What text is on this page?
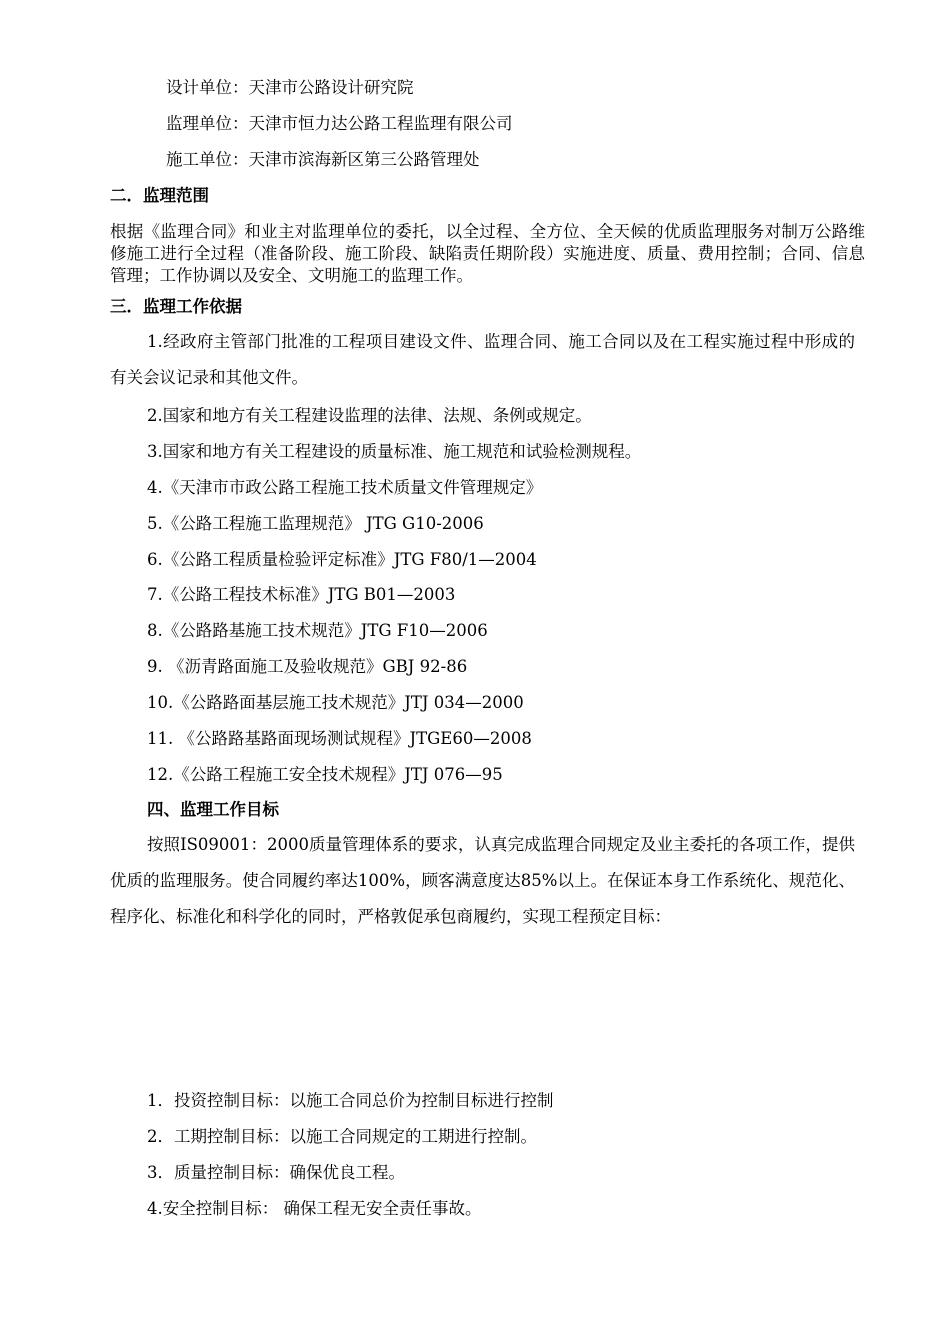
设计单位：天津市公路设计研究院
监理单位：天津市恒力达公路工程监理有限公司
施工单位：天津市滨海新区第三公路管理处
二．监理范围
根据《监理合同》和业主对监理单位的委托，以全过程、全方位、全天候的优质监理服务对制万公路维修施工进行全过程（准备阶段、施工阶段、缺陷责任期阶段）实施进度、质量、费用控制；合同、信息管理；工作协调以及安全、文明施工的监理工作。
三．监理工作依据
1.经政府主管部门批准的工程项目建设文件、监理合同、施工合同以及在工程实施过程中形成的有关会议记录和其他文件。
2.国家和地方有关工程建设监理的法律、法规、条例或规定。
3.国家和地方有关工程建设的质量标准、施工规范和试验检测规程。
4.《天津市市政公路工程施工技术质量文件管理规定》
5.《公路工程施工监理规范》 JTG G10-2006
6.《公路工程质量检验评定标准》JTG F80/1—2004
7.《公路工程技术标准》JTG B01—2003
8.《公路路基施工技术规范》JTG F10—2006
9. 《沥青路面施工及验收规范》GBJ 92-86
10.《公路路面基层施工技术规范》JTJ 034—2000
11. 《公路路基路面现场测试规程》JTGE60—2008
12.《公路工程施工安全技术规程》JTJ 076—95
四、监理工作目标
按照IS09001：2000质量管理体系的要求，认真完成监理合同规定及业主委托的各项工作，提供优质的监理服务。使合同履约率达100%，顾客满意度达85%以上。在保证本身工作系统化、规范化、程序化、标准化和科学化的同时，严格敦促承包商履约，实现工程预定目标：
1．投资控制目标：以施工合同总价为控制目标进行控制
2．工期控制目标：以施工合同规定的工期进行控制。
3．质量控制目标：确保优良工程。
4.安全控制目标： 确保工程无安全责任事故。
